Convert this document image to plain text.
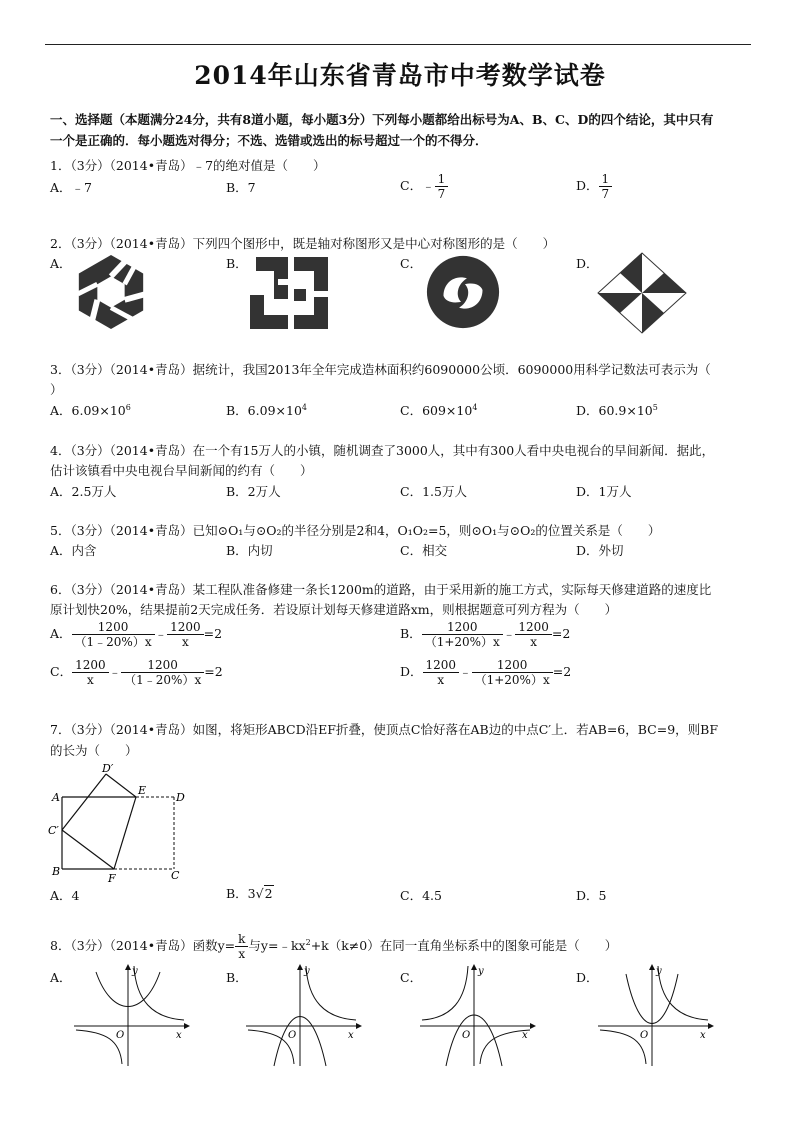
2014年山东省青岛市中考数学试卷
一、选择题（本题满分24分，共有8道小题，每小题3分）下列每小题都给出标号为A、B、C、D的四个结论，其中只有
一个是正确的．每小题选对得分；不选、选错或选出的标号超过一个的不得分．
1．（3分）（2014•青岛）﹣7的绝对值是（　　）
A．﹣7	B．7	C．﹣ $\frac{1}{7}$	D． $\frac{1}{7}$
2．（3分）（2014•青岛）下列四个图形中，既是轴对称图形又是中心对称图形的是（　　）
A．	B．	C．	D．
3．（3分）（2014•青岛）据统计，我国2013年全年完成造林面积约6090000公顷．6090000用科学记数法可表示为（
）
A．$6.09\times 10^6$	B．$6.09\times 10^4$	C．$609\times 10^4$	D．$60.9\times 10^5$
4．（3分）（2014•青岛）在一个有15万人的小镇，随机调查了3000人，其中有300人看中央电视台的早间新闻．据此，
估计该镇看中央电视台早间新闻的约有（　　）
A．2.5万人	B．2万人	C．1.5万人	D．1万人
5．（3分）（2014•青岛）已知⊙O₁与⊙O₂的半径分别是2和4，O₁O₂=5，则⊙O₁与⊙O₂的位置关系是（　　）
A．内含	B．内切	C．相交	D．外切
6．（3分）（2014•青岛）某工程队准备修建一条长1200m的道路，由于采用新的施工方式，实际每天修建道路的速度比
原计划快20%，结果提前2天完成任务．若设原计划每天修建道路xm，则根据题意可列方程为（　　）
A． $\frac{1200}{(1﹣20\%)x}$ ﹣ $\frac{1200}{x} =2$	B． $\frac{1200}{(1+20\%)x}$ ﹣ $\frac{1200}{x} =2$
C． $\frac{1200}{x}$ ﹣ $\frac{1200}{(1﹣20\%)x} =2$	D． $\frac{1200}{x}$ ﹣ $\frac{1200}{(1+20\%)x} =2$
7．（3分）（2014•青岛）如图，将矩形ABCD沿EF折叠，使顶点C恰好落在AB边的中点C′上．若AB=6，BC=9，则BF
的长为（　　）
A
B	C
D
E
F
D′
C′
A．4	B．3√2	C．4.5	D．5
8．（3分）（2014•青岛）函数$y= \frac{k}{x}$ 与$y=﹣kx^2+k(k\ne 0)$在同一直角坐标系中的图象可能是（　　）
A．	B．	C．	D．
y
x
O
y
x
O
y
x
O
y
x
O
